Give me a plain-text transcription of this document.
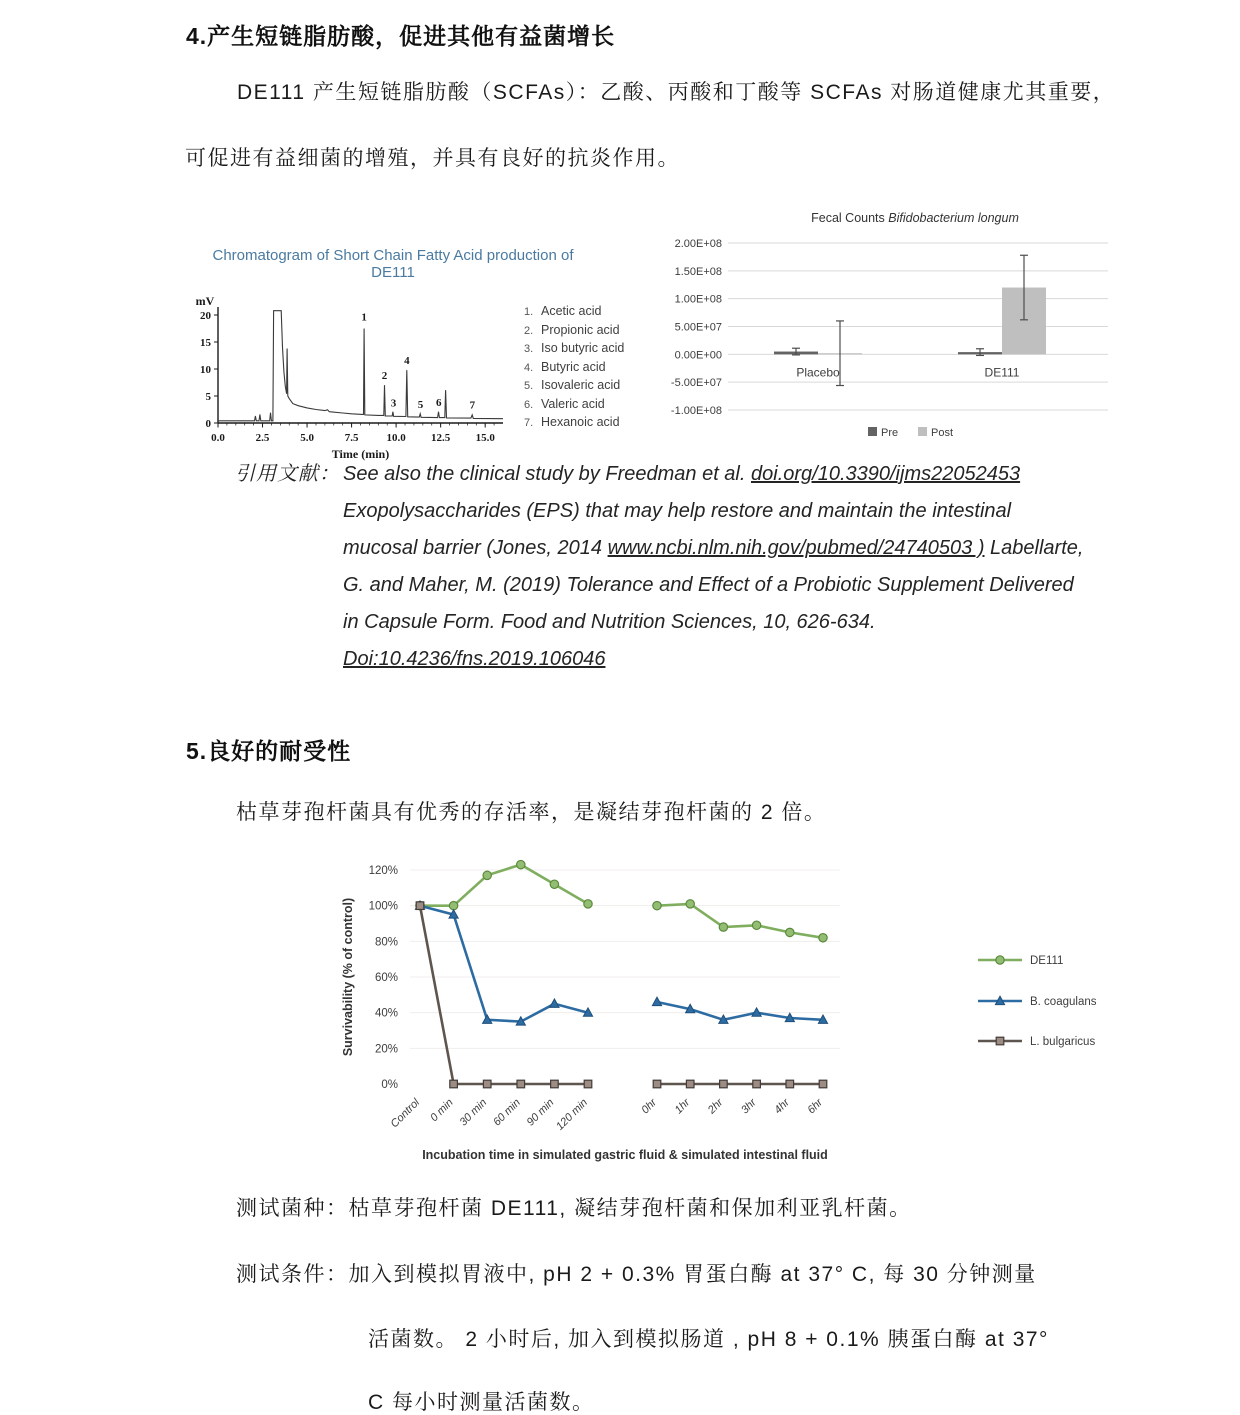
4.产生短链脂肪酸，促进其他有益菌增长

DE111 产生短链脂肪酸（SCFAs）：乙酸、丙酸和丁酸等 SCFAs 对肠道健康尤其重要，可促进有益细菌的增殖，并具有良好的抗炎作用。

Chromatogram of Short Chain Fatty Acid production of DE111
0
5
10
15
20
0.0	2.5	5.0	7.5	10.0 12.5 15.0
Time (min)
mV
1
2
3
4
5 6	7
1. Acetic acid
2. Propionic acid
3. Iso butyric acid
4. Butyric acid
5. Isovaleric acid
6. Valeric acid
7. Hexanoic acid
Fecal Counts Bifidobacterium longum
2.00E+08
1.50E+08
1.00E+08
5.00E+07
0.00E+00
-5.00E+07
-1.00E+08
Placebo	DE111
Pre	Post
引用文献： See also the clinical study by Freedman et al. doi.org/10.3390/ijms22052453
Exopolysaccharides (EPS) that may help restore and maintain the intestinal
mucosal barrier (Jones, 2014 www.ncbi.nlm.nih.gov/pubmed/24740503 ) Labellarte,
G. and Maher, M. (2019) Tolerance and Effect of a Probiotic Supplement Delivered
in Capsule Form. Food and Nutrition Sciences, 10, 626-634.
Doi:10.4236/fns.2019.106046
5.良好的耐受性

枯草芽孢杆菌具有优秀的存活率，是凝结芽孢杆菌的 2 倍。

0%
20%
40%
60%
80%
100%
120%
Control 0 min 30 min 60 min 90 min
120 min	0hr 1hr 2hr 3hr 4hr 6hr
Incubation time in simulated gastric fluid & simulated intestinal fluid
Survivability (% of control)	DE111
B. coagulans
L. bulgaricus
测试菌种：枯草芽孢杆菌 DE111, 凝结芽孢杆菌和保加利亚乳杆菌。
测试条件：加入到模拟胃液中, pH 2 + 0.3% 胃蛋白酶 at 37° C, 每 30 分钟测量
活菌数。 2 小时后, 加入到模拟肠道 , pH 8 + 0.1% 胰蛋白酶 at 37°
C 每小时测量活菌数。
